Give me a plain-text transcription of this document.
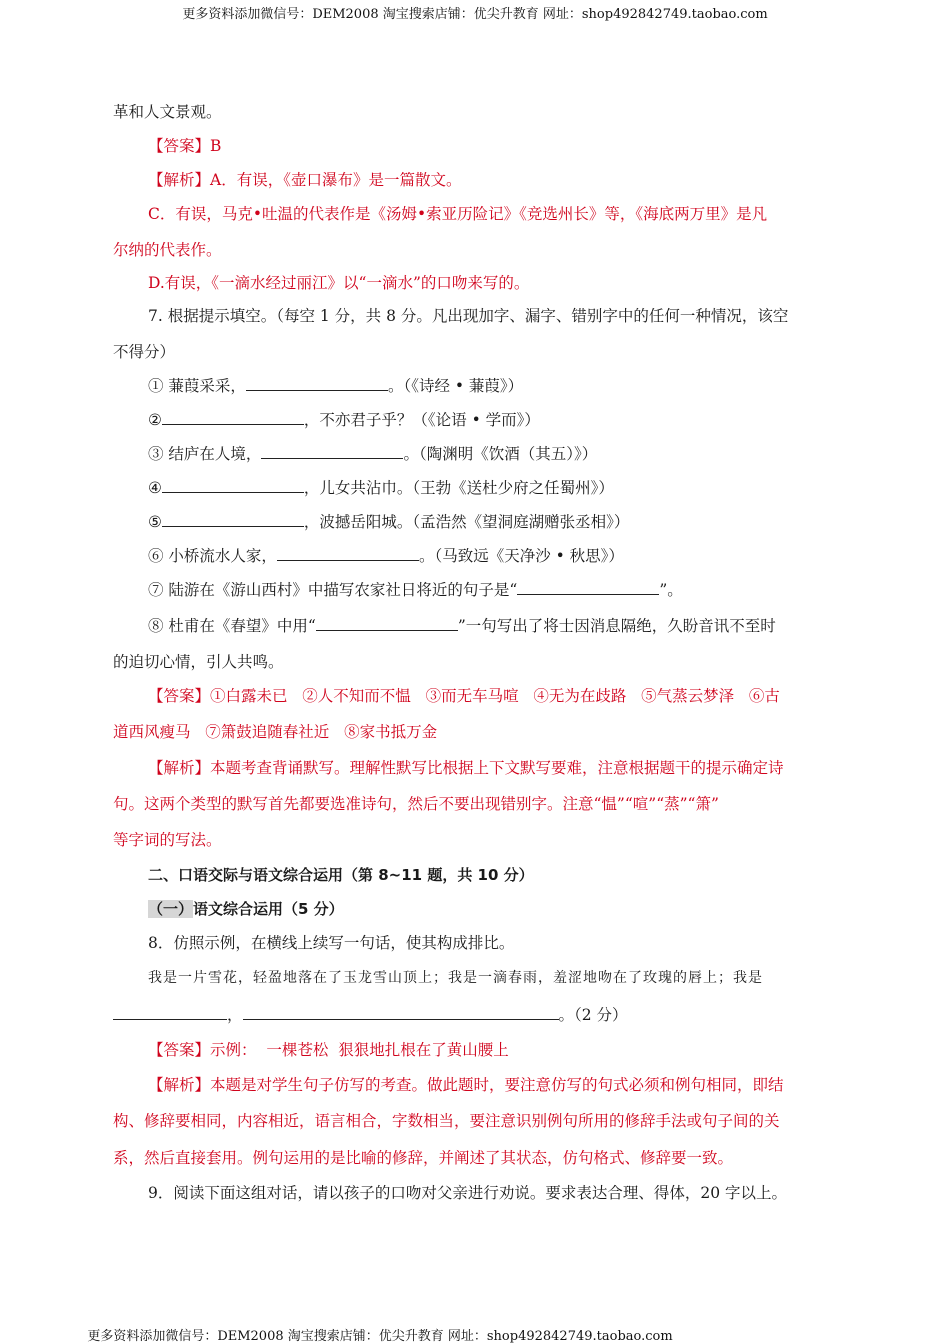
更多资料添加微信号：DEM2008 淘宝搜索店铺：优尖升教育 网址：shop492842749.taobao.com
革和人文景观。
【答案】B
【解析】A．有误，《壶口瀑布》是一篇散文。
C．有误，马克•吐温的代表作是《汤姆•索亚历险记》《竞选州长》等，《海底两万里》是凡
尔纳的代表作。
D.有误，《一滴水经过丽江》以“一滴水”的口吻来写的。
7. 根据提示填空。（每空 1 分，共 8 分。凡出现加字、漏字、错别字中的任何一种情况，该空
不得分）
① 蒹葭采采，	。（《诗经 • 蒹葭》）
②	，不亦君子乎？（《论语 • 学而》）
③ 结庐在人境，	。（陶渊明《饮酒（其五）》）
④	，儿女共沾巾。（王勃《送杜少府之任蜀州》）
⑤	，波撼岳阳城。（孟浩然《望洞庭湖赠张丞相》）
⑥ 小桥流水人家，	。（马致远《天净沙 • 秋思》）
⑦ 陆游在《游山西村》中描写农家社日将近的句子是“	”。
⑧ 杜甫在《春望》中用“	”一句写出了将士因消息隔绝，久盼音讯不至时
的迫切心情，引人共鸣。
【答案】①白露未已   ②人不知而不愠   ③而无车马喧   ④无为在歧路   ⑤气蒸云梦泽   ⑥古
道西风瘦马   ⑦箫鼓追随春社近   ⑧家书抵万金
【解析】本题考查背诵默写。理解性默写比根据上下文默写要难，注意根据题干的提示确定诗
句。这两个类型的默写首先都要选准诗句，然后不要出现错别字。注意“愠”“喧”“蒸”“箫”
等字词的写法。
二、口语交际与语文综合运用（第 8~11 题，共 10 分）
（一）语文综合运用（5 分）
8．仿照示例，在横线上续写一句话，使其构成排比。
我是一片雪花，轻盈地落在了玉龙雪山顶上；我是一滴春雨，羞涩地吻在了玫瑰的唇上；我是
，	。（2 分）
【答案】示例：  一棵苍松  狠狠地扎根在了黄山腰上
【解析】本题是对学生句子仿写的考查。做此题时，要注意仿写的句式必须和例句相同，即结
构、修辞要相同，内容相近，语言相合，字数相当，要注意识别例句所用的修辞手法或句子间的关
系，然后直接套用。例句运用的是比喻的修辞，并阐述了其状态，仿句格式、修辞要一致。
9．阅读下面这组对话，请以孩子的口吻对父亲进行劝说。要求表达合理、得体，20 字以上。
更多资料添加微信号：DEM2008 淘宝搜索店铺：优尖升教育 网址：shop492842749.taobao.com
